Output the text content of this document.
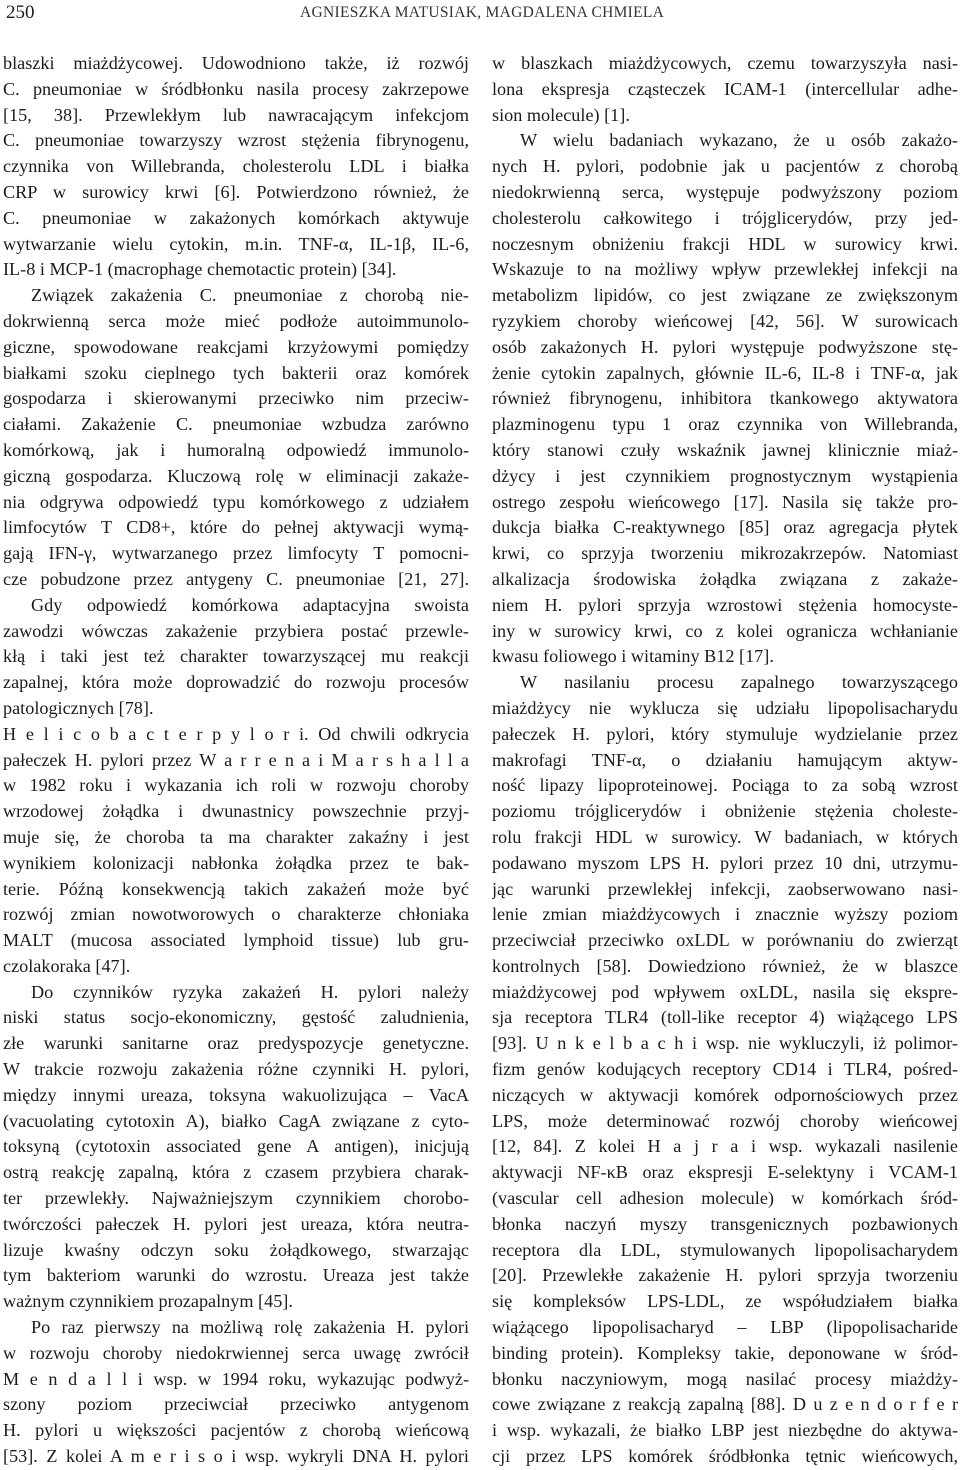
250	AGNIESZKA MATUSIAK, MAGDALENA CHMIELA
blaszki miażdżycowej. Udowodniono także, iż rozwój
C. pneumoniae w śródbłonku nasila procesy zakrzepowe
[15, 38]. Przewlekłym lub nawracającym infekcjom
C. pneumoniae towarzyszy wzrost stężenia fibrynogenu,
czynnika von Willebranda, cholesterolu LDL i białka
CRP w surowicy krwi [6]. Potwierdzono również, że
C. pneumoniae w zakażonych komórkach aktywuje
wytwarzanie wielu cytokin, m.in. TNF-α, IL-1β, IL-6,
IL-8 i MCP-1 (macrophage chemotactic protein) [34].
Związek zakażenia C. pneumoniae z chorobą nie-
dokrwienną serca może mieć podłoże autoimmunolo-
giczne, spowodowane reakcjami krzyżowymi pomiędzy
białkami szoku cieplnego tych bakterii oraz komórek
gospodarza i skierowanymi przeciwko nim przeciw-
ciałami. Zakażenie C. pneumoniae wzbudza zarówno
komórkową, jak i humoralną odpowiedź immunolo-
giczną gospodarza. Kluczową rolę w eliminacji zakaże-
nia odgrywa odpowiedź typu komórkowego z udziałem
limfocytów T CD8+, które do pełnej aktywacji wymą-
gają IFN-γ, wytwarzanego przez limfocyty T pomocni-
cze pobudzone przez antygeny C. pneumoniae [21, 27].
Gdy odpowiedź komórkowa adaptacyjna swoista
zawodzi wówczas zakażenie przybiera postać przewle-
kłą i taki jest też charakter towarzyszącej mu reakcji
zapalnej, która może doprowadzić do rozwoju procesów
patologicznych [78].
H e l i c o b a c t e r p y l o r i. Od chwili odkrycia
pałeczek H. pylori przez W a r r e n a i M a r s h a l l a
w 1982 roku i wykazania ich roli w rozwoju choroby
wrzodowej żołądka i dwunastnicy powszechnie przyj-
muje się, że choroba ta ma charakter zakaźny i jest
wynikiem kolonizacji nabłonka żołądka przez te bak-
terie. Późną konsekwencją takich zakażeń może być
rozwój zmian nowotworowych o charakterze chłoniaka
MALT (mucosa associated lymphoid tissue) lub gru-
czolakoraka [47].
Do czynników ryzyka zakażeń H. pylori należy
niski status socjo-ekonomiczny, gęstość zaludnienia,
złe warunki sanitarne oraz predyspozycje genetyczne.
W trakcie rozwoju zakażenia różne czynniki H. pylori,
między innymi ureaza, toksyna wakuolizująca – VacA
(vacuolating cytotoxin A), białko CagA związane z cyto-
toksyną (cytotoxin associated gene A antigen), inicjują
ostrą reakcję zapalną, która z czasem przybiera charak-
ter przewlekły. Najważniejszym czynnikiem chorobo-
twórczości pałeczek H. pylori jest ureaza, która neutra-
lizuje kwaśny odczyn soku żołądkowego, stwarzając
tym bakteriom warunki do wzrostu. Ureaza jest także
ważnym czynnikiem prozapalnym [45].
Po raz pierwszy na możliwą rolę zakażenia H. pylori
w rozwoju choroby niedokrwiennej serca uwagę zwrócił
M e n d a l l i wsp. w 1994 roku, wykazując podwyż-
szony poziom przeciwciał przeciwko antygenom
H. pylori u większości pacjentów z chorobą wieńcową
[53]. Z kolei A m e r i s o i wsp. wykryli DNA H. pylori
w blaszkach miażdżycowych, czemu towarzyszyła nasi-
lona ekspresja cząsteczek ICAM-1 (intercellular adhe-
sion molecule) [1].
W wielu badaniach wykazano, że u osób zakażo-
nych H. pylori, podobnie jak u pacjentów z chorobą
niedokrwienną serca, występuje podwyższony poziom
cholesterolu całkowitego i trójglicerydów, przy jed-
noczesnym obniżeniu frakcji HDL w surowicy krwi.
Wskazuje to na możliwy wpływ przewlekłej infekcji na
metabolizm lipidów, co jest związane ze zwiększonym
ryzykiem choroby wieńcowej [42, 56]. W surowicach
osób zakażonych H. pylori występuje podwyższone stę-
żenie cytokin zapalnych, głównie IL-6, IL-8 i TNF-α, jak
również fibrynogenu, inhibitora tkankowego aktywatora
plazminogenu typu 1 oraz czynnika von Willebranda,
który stanowi czuły wskaźnik jawnej klinicznie miaż-
dżycy i jest czynnikiem prognostycznym wystąpienia
ostrego zespołu wieńcowego [17]. Nasila się także pro-
dukcja białka C-reaktywnego [85] oraz agregacja płytek
krwi, co sprzyja tworzeniu mikrozakrzepów. Natomiast
alkalizacja środowiska żołądka związana z zakaże-
niem H. pylori sprzyja wzrostowi stężenia homocyste-
iny w surowicy krwi, co z kolei ogranicza wchłanianie
kwasu foliowego i witaminy B12 [17].
W nasilaniu procesu zapalnego towarzyszącego
miażdżycy nie wyklucza się udziału lipopolisacharydu
pałeczek H. pylori, który stymuluje wydzielanie przez
makrofagi TNF-α, o działaniu hamującym aktyw-
ność lipazy lipoproteinowej. Pociąga to za sobą wzrost
poziomu trójglicerydów i obniżenie stężenia choleste-
rolu frakcji HDL w surowicy. W badaniach, w których
podawano myszom LPS H. pylori przez 10 dni, utrzymu-
jąc warunki przewlekłej infekcji, zaobserwowano nasi-
lenie zmian miażdżycowych i znacznie wyższy poziom
przeciwciał przeciwko oxLDL w porównaniu do zwierząt
kontrolnych [58]. Dowiedziono również, że w blaszce
miażdżycowej pod wpływem oxLDL, nasila się ekspre-
sja receptora TLR4 (toll-like receptor 4) wiążącego LPS
[93]. U n k e l b a c h i wsp. nie wykluczyli, iż polimor-
fizm genów kodujących receptory CD14 i TLR4, pośred-
niczących w aktywacji komórek odpornościowych przez
LPS, może determinować rozwój choroby wieńcowej
[12, 84]. Z kolei H a j r a i wsp. wykazali nasilenie
aktywacji NF-κB oraz ekspresji E-selektyny i VCAM-1
(vascular cell adhesion molecule) w komórkach śród-
błonka naczyń myszy transgenicznych pozbawionych
receptora dla LDL, stymulowanych lipopolisacharydem
[20]. Przewlekłe zakażenie H. pylori sprzyja tworzeniu
się kompleksów LPS-LDL, ze współudziałem białka
wiążącego lipopolisacharyd – LBP (lipopolisacharide
binding protein). Kompleksy takie, deponowane w śród-
błonku naczyniowym, mogą nasilać procesy miażdży-
cowe związane z reakcją zapalną [88]. D u z e n d o r f e r
i wsp. wykazali, że białko LBP jest niezbędne do aktywa-
cji przez LPS komórek śródbłonka tętnic wieńcowych,
